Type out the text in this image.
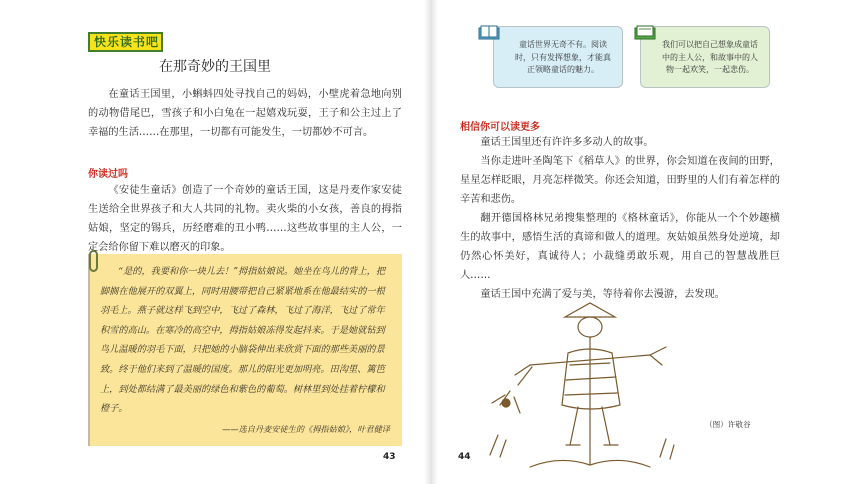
快乐读书吧
在那奇妙的王国里
在童话王国里，小蝌蚪四处寻找自己的妈妈，小壁虎着急地向别的动物借尾巴，雪孩子和小白兔在一起嬉戏玩耍，王子和公主过上了幸福的生活……在那里，一切都有可能发生，一切都妙不可言。
你读过吗
《安徒生童话》创造了一个奇妙的童话王国，这是丹麦作家安徒生送给全世界孩子和大人共同的礼物。卖火柴的小女孩，善良的拇指姑娘，坚定的锡兵，历经磨难的丑小鸭……这些故事里的主人公，一定会给你留下难以磨灭的印象。
“是的，我要和你一块儿去！”拇指姑娘说。她坐在鸟儿的背上，把脚搁在他展开的双翼上，同时用腰带把自己紧紧地系在他最结实的一根羽毛上。燕子就这样飞到空中，飞过了森林，飞过了海洋，飞过了常年积雪的高山。在寒冷的高空中，拇指姑娘冻得发起抖来。于是她就钻到鸟儿温暖的羽毛下面，只把她的小脑袋伸出来欣赏下面的那些美丽的景致。终于他们来到了温暖的国度。那儿的阳光更加明亮。田沟里、篱笆上，到处都结满了最美丽的绿色和紫色的葡萄。树林里到处挂着柠檬和橙子。
——选自丹麦安徒生的《拇指姑娘》，叶君健译
43
童话世界无奇不有。阅读时，只有发挥想象，才能真正领略童话的魅力。
我们可以把自己想象成童话中的主人公，和故事中的人物一起欢笑，一起悲伤。
相信你可以读更多
童话王国里还有许许多多动人的故事。
当你走进叶圣陶笔下《稻草人》的世界，你会知道在夜间的田野，星星怎样眨眼，月亮怎样微笑。你还会知道，田野里的人们有着怎样的辛苦和悲伤。
翻开德国格林兄弟搜集整理的《格林童话》，你能从一个个妙趣横生的故事中，感悟生活的真谛和做人的道理。灰姑娘虽然身处逆境，却仍然心怀美好，真诚待人；小裁缝勇敢乐观，用自己的智慧战胜巨人……
童话王国中充满了爱与美，等待着你去漫游，去发现。
（图）许敬谷
44
